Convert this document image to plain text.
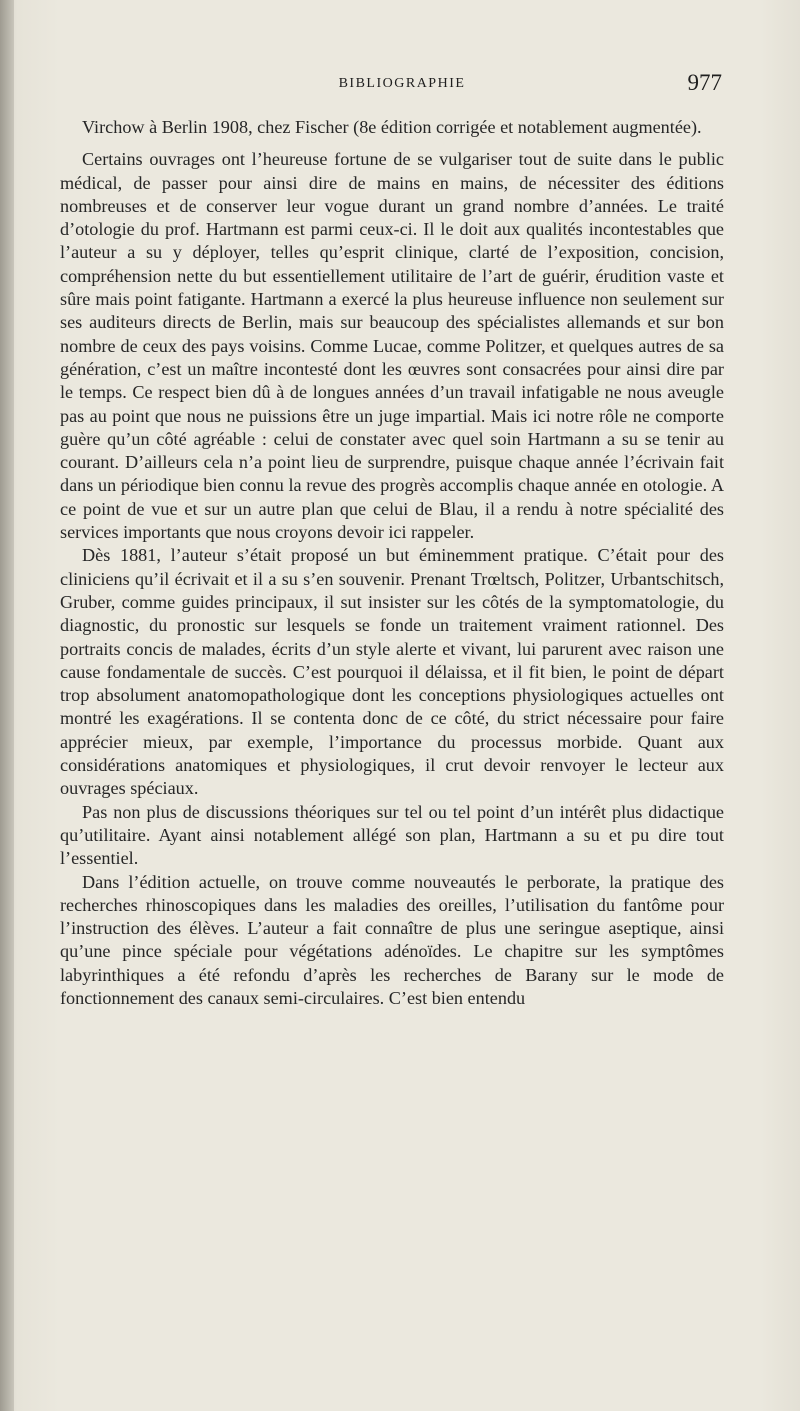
BIBLIOGRAPHIE	977

Virchow à Berlin 1908, chez Fischer (8e édition corrigée et notablement augmentée).

Certains ouvrages ont l’heureuse fortune de se vulgariser tout de suite dans le public médical, de passer pour ainsi dire de mains en mains, de nécessiter des éditions nombreuses et de conserver leur vogue durant un grand nombre d’années. Le traité d’otologie du prof. Hartmann est parmi ceux-ci. Il le doit aux qualités incontestables que l’auteur a su y déployer, telles qu’esprit clinique, clarté de l’exposition, concision, compréhension nette du but essentiellement utilitaire de l’art de guérir, érudition vaste et sûre mais point fatigante. Hartmann a exercé la plus heureuse influence non seulement sur ses auditeurs directs de Berlin, mais sur beaucoup des spécialistes allemands et sur bon nombre de ceux des pays voisins. Comme Lucae, comme Politzer, et quelques autres de sa génération, c’est un maître incontesté dont les œuvres sont consacrées pour ainsi dire par le temps. Ce respect bien dû à de longues années d’un travail infatigable ne nous aveugle pas au point que nous ne puissions être un juge impartial. Mais ici notre rôle ne comporte guère qu’un côté agréable : celui de constater avec quel soin Hartmann a su se tenir au courant. D’ailleurs cela n’a point lieu de surprendre, puisque chaque année l’écrivain fait dans un périodique bien connu la revue des progrès accomplis chaque année en otologie. A ce point de vue et sur un autre plan que celui de Blau, il a rendu à notre spécialité des services importants que nous croyons devoir ici rappeler.

Dès 1881, l’auteur s’était proposé un but éminemment pratique. C’était pour des cliniciens qu’il écrivait et il a su s’en souvenir. Prenant Trœltsch, Politzer, Urbantschitsch, Gruber, comme guides principaux, il sut insister sur les côtés de la symptomatologie, du diagnostic, du pronostic sur lesquels se fonde un traitement vraiment rationnel. Des portraits concis de malades, écrits d’un style alerte et vivant, lui parurent avec raison une cause fondamentale de succès. C’est pourquoi il délaissa, et il fit bien, le point de départ trop absolument anatomopathologique dont les conceptions physiologiques actuelles ont montré les exagérations. Il se contenta donc de ce côté, du strict nécessaire pour faire apprécier mieux, par exemple, l’importance du processus morbide. Quant aux considérations anatomiques et physiologiques, il crut devoir renvoyer le lecteur aux ouvrages spéciaux.

Pas non plus de discussions théoriques sur tel ou tel point d’un intérêt plus didactique qu’utilitaire. Ayant ainsi notablement allégé son plan, Hartmann a su et pu dire tout l’essentiel.

Dans l’édition actuelle, on trouve comme nouveautés le perborate, la pratique des recherches rhinoscopiques dans les maladies des oreilles, l’utilisation du fantôme pour l’instruction des élèves. L’auteur a fait connaître de plus une seringue aseptique, ainsi qu’une pince spéciale pour végétations adénoïdes. Le chapitre sur les symptômes labyrinthiques a été refondu d’après les recherches de Barany sur le mode de fonctionnement des canaux semi-circulaires. C’est bien entendu
